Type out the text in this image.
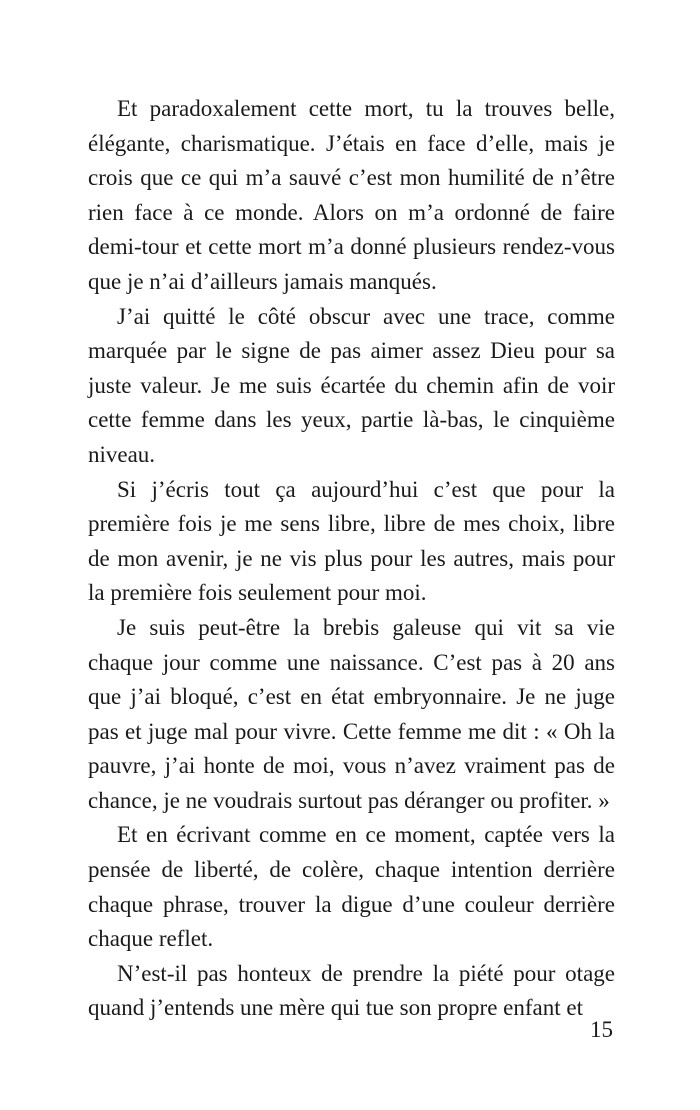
Et paradoxalement cette mort, tu la trouves belle, élégante, charismatique. J’étais en face d’elle, mais je crois que ce qui m’a sauvé c’est mon humilité de n’être rien face à ce monde. Alors on m’a ordonné de faire demi-tour et cette mort m’a donné plusieurs rendez-vous que je n’ai d’ailleurs jamais manqués.

J’ai quitté le côté obscur avec une trace, comme marquée par le signe de pas aimer assez Dieu pour sa juste valeur. Je me suis écartée du chemin afin de voir cette femme dans les yeux, partie là-bas, le cinquième niveau.

Si j’écris tout ça aujourd’hui c’est que pour la première fois je me sens libre, libre de mes choix, libre de mon avenir, je ne vis plus pour les autres, mais pour la première fois seulement pour moi.

Je suis peut-être la brebis galeuse qui vit sa vie chaque jour comme une naissance. C’est pas à 20 ans que j’ai bloqué, c’est en état embryonnaire. Je ne juge pas et juge mal pour vivre. Cette femme me dit : « Oh la pauvre, j’ai honte de moi, vous n’avez vraiment pas de chance, je ne voudrais surtout pas déranger ou profiter. »

Et en écrivant comme en ce moment, captée vers la pensée de liberté, de colère, chaque intention derrière chaque phrase, trouver la digue d’une couleur derrière chaque reflet.

N’est-il pas honteux de prendre la piété pour otage quand j’entends une mère qui tue son propre enfant et

15
